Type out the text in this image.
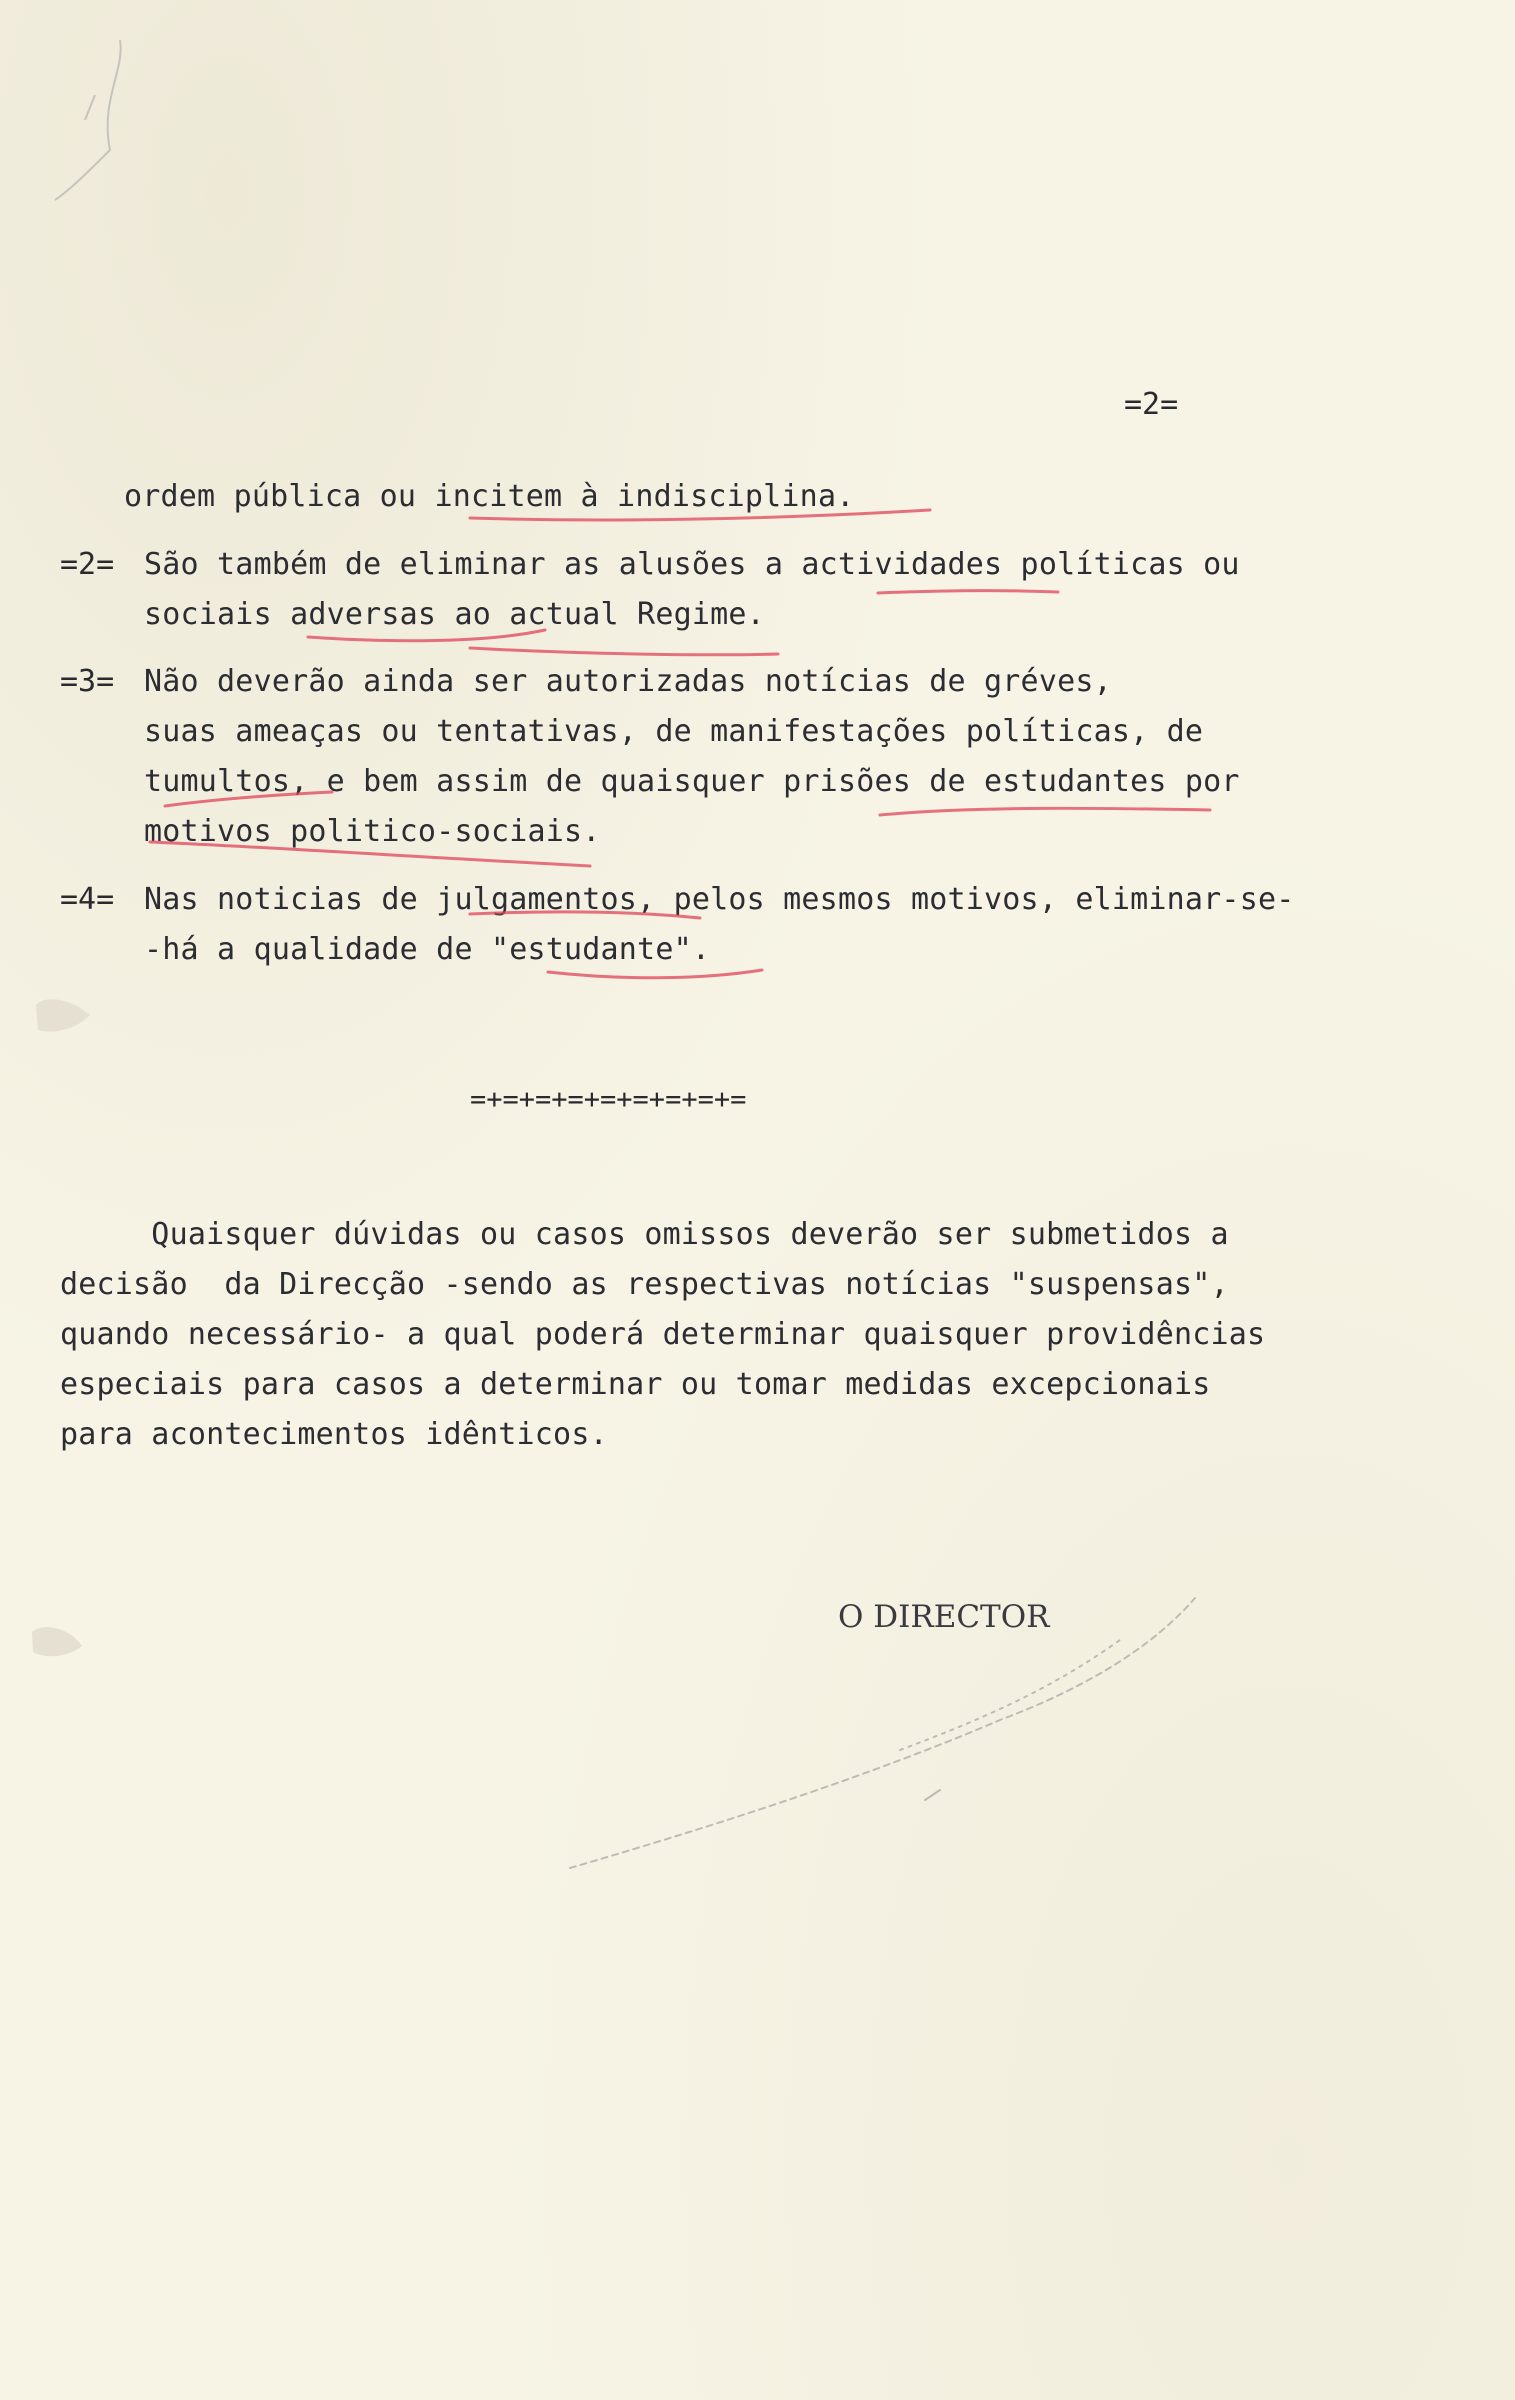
=2=

ordem pública ou incitem à indisciplina.

=2= São também de eliminar as alusões a actividades políticas ou

sociais adversas ao actual Regime.

=3= Não deverão ainda ser autorizadas notícias de gréves,

suas ameaças ou tentativas, de manifestações políticas, de

tumultos, e bem assim de quaisquer prisões de estudantes por

motivos politico-sociais.

=4= Nas noticias de julgamentos, pelos mesmos motivos, eliminar-se-

-há a qualidade de "estudante".

=+=+=+=+=+=+=+=+=

Quaisquer dúvidas ou casos omissos deverão ser submetidos a

decisão  da Direcção -sendo as respectivas notícias "suspensas",

quando necessário- a qual poderá determinar quaisquer providências

especiais para casos a determinar ou tomar medidas excepcionais

para acontecimentos idênticos.

O DIRECTOR
